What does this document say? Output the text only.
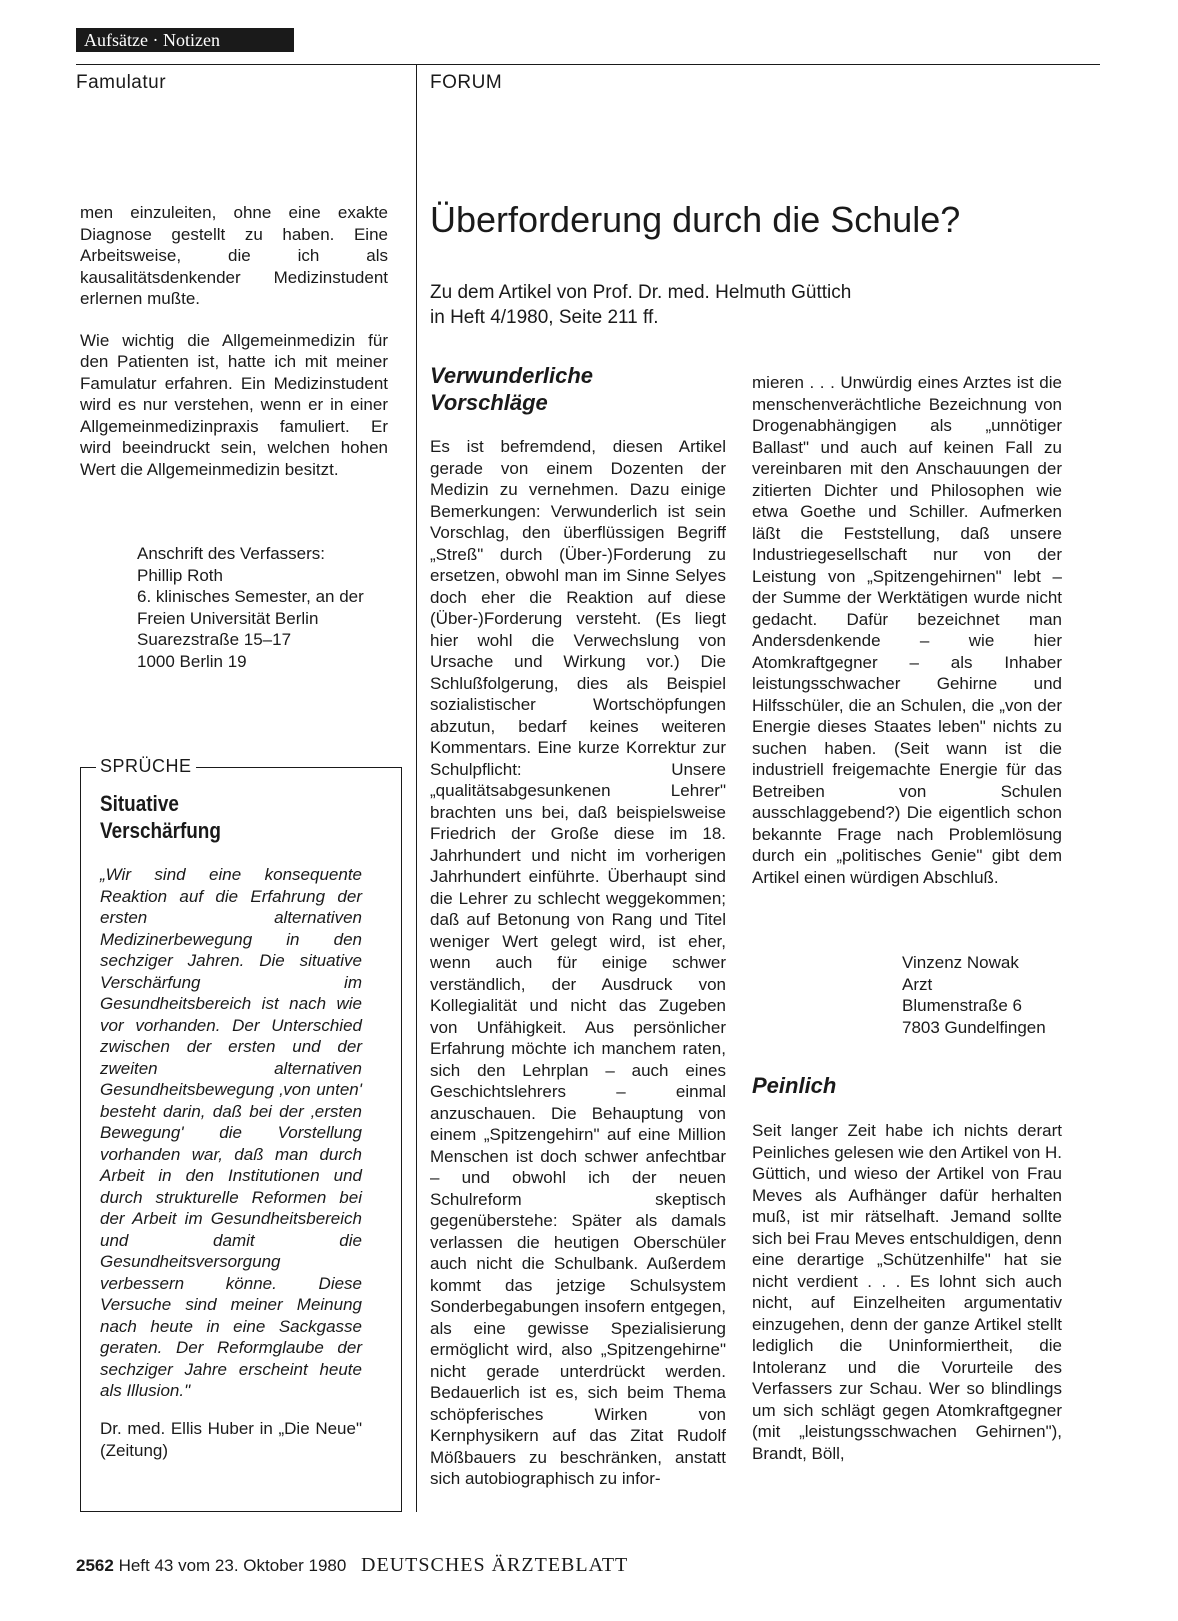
Aufsätze · Notizen
Famulatur

men einzuleiten, ohne eine exakte Diagnose gestellt zu haben. Eine Arbeitsweise, die ich als kausalitätsdenkender Medizinstudent erlernen mußte.

Wie wichtig die Allgemeinmedizin für den Patienten ist, hatte ich mit meiner Famulatur erfahren. Ein Medizinstudent wird es nur verstehen, wenn er in einer Allgemeinmedizinpraxis famuliert. Er wird beeindruckt sein, welchen hohen Wert die Allgemeinmedizin besitzt.

Anschrift des Verfassers:

Phillip Roth

6. klinisches Semester, an der

Freien Universität Berlin

Suarezstraße 15–17

1000 Berlin 19

SPRÜCHE
Situative
Verschärfung
„Wir sind eine konsequente Reaktion auf die Erfahrung der ersten alternativen Medizinerbewegung in den sechziger Jahren. Die situative Verschärfung im Gesundheitsbereich ist nach wie vor vorhanden. Der Unterschied zwischen der ersten und der zweiten alternativen Gesundheitsbewegung ‚von unten' besteht darin, daß bei der ‚ersten Bewegung' die Vorstellung vorhanden war, daß man durch Arbeit in den Institutionen und durch strukturelle Reformen bei der Arbeit im Gesundheitsbereich und damit die Gesundheitsversorgung verbessern könne. Diese Versuche sind meiner Meinung nach heute in eine Sackgasse geraten. Der Reformglaube der sechziger Jahre erscheint heute als Illusion."
Dr. med. Ellis Huber in „Die Neue" (Zeitung)
FORUM
Überforderung durch die Schule?
Zu dem Artikel von Prof. Dr. med. Helmuth Güttich
in Heft 4/1980, Seite 211 ff.

Verwunderliche

Vorschläge

Es ist befremdend, diesen Artikel gerade von einem Dozenten der Medizin zu vernehmen. Dazu einige Bemerkungen: Verwunderlich ist sein Vorschlag, den überflüssigen Begriff „Streß" durch (Über-)Forderung zu ersetzen, obwohl man im Sinne Selyes doch eher die Reaktion auf diese (Über-)Forderung versteht. (Es liegt hier wohl die Verwechslung von Ursache und Wirkung vor.) Die Schlußfolgerung, dies als Beispiel sozialistischer Wortschöpfungen abzutun, bedarf keines weiteren Kommentars. Eine kurze Korrektur zur Schulpflicht: Unsere „qualitätsabgesunkenen Lehrer" brachten uns bei, daß beispielsweise Friedrich der Große diese im 18. Jahrhundert und nicht im vorherigen Jahrhundert einführte. Überhaupt sind die Lehrer zu schlecht weggekommen; daß auf Betonung von Rang und Titel weniger Wert gelegt wird, ist eher, wenn auch für einige schwer verständlich, der Ausdruck von Kollegialität und nicht das Zugeben von Unfähigkeit. Aus persönlicher Erfahrung möchte ich manchem raten, sich den Lehrplan – auch eines Geschichtslehrers – einmal anzuschauen. Die Behauptung von einem „Spitzengehirn" auf eine Million Menschen ist doch schwer anfechtbar – und obwohl ich der neuen Schulreform skeptisch gegenüberstehe: Später als damals verlassen die heutigen Oberschüler auch nicht die Schulbank. Außerdem kommt das jetzige Schulsystem Sonderbegabungen insofern entgegen, als eine gewisse Spezialisierung ermöglicht wird, also „Spitzengehirne" nicht gerade unterdrückt werden. Bedauerlich ist es, sich beim Thema schöpferisches Wirken von Kernphysikern auf das Zitat Rudolf Mößbauers zu beschränken, anstatt sich autobiographisch zu infor-
mieren . . . Unwürdig eines Arztes ist die menschenverächtliche Bezeichnung von Drogenabhängigen als „unnötiger Ballast" und auch auf keinen Fall zu vereinbaren mit den Anschauungen der zitierten Dichter und Philosophen wie etwa Goethe und Schiller. Aufmerken läßt die Feststellung, daß unsere Industriegesellschaft nur von der Leistung von „Spitzengehirnen" lebt – der Summe der Werktätigen wurde nicht gedacht. Dafür bezeichnet man Andersdenkende – wie hier Atomkraftgegner – als Inhaber leistungsschwacher Gehirne und Hilfsschüler, die an Schulen, die „von der Energie dieses Staates leben" nichts zu suchen haben. (Seit wann ist die industriell freigemachte Energie für das Betreiben von Schulen ausschlaggebend?) Die eigentlich schon bekannte Frage nach Problemlösung durch ein „politisches Genie" gibt dem Artikel einen würdigen Abschluß.

Vinzenz Nowak

Arzt

Blumenstraße 6

7803 Gundelfingen

Peinlich
Seit langer Zeit habe ich nichts derart Peinliches gelesen wie den Artikel von H. Güttich, und wieso der Artikel von Frau Meves als Aufhänger dafür herhalten muß, ist mir rätselhaft. Jemand sollte sich bei Frau Meves entschuldigen, denn eine derartige „Schützenhilfe" hat sie nicht verdient . . . Es lohnt sich auch nicht, auf Einzelheiten argumentativ einzugehen, denn der ganze Artikel stellt lediglich die Uninformiertheit, die Intoleranz und die Vorurteile des Verfassers zur Schau. Wer so blindlings um sich schlägt gegen Atomkraftgegner (mit „leistungsschwachen Gehirnen"), Brandt, Böll,
2562 Heft 43 vom 23. Oktober 1980 DEUTSCHES ÄRZTEBLATT
